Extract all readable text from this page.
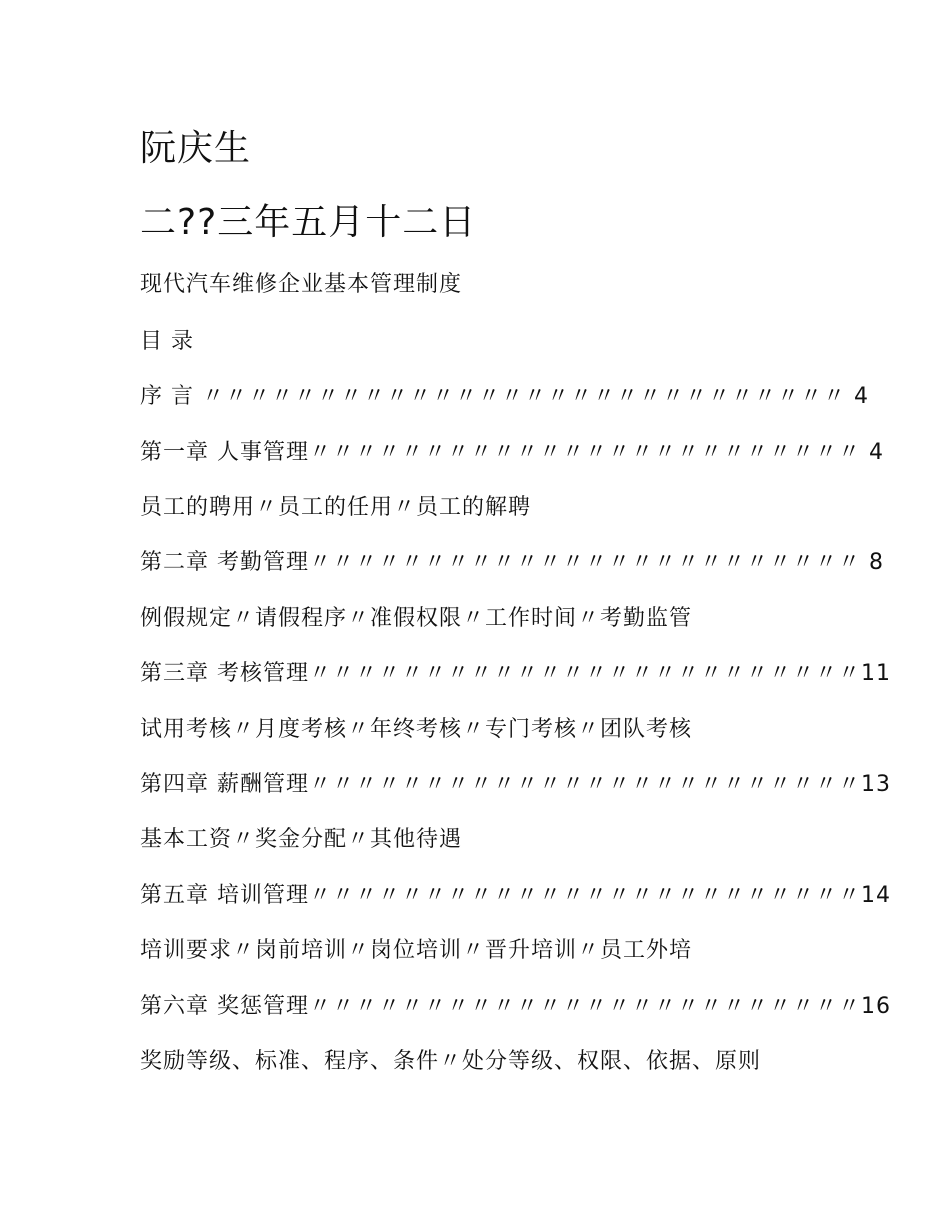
阮庆生
二??三年五月十二日
现代汽车维修企业基本管理制度
目 录
序 言 〃〃〃〃〃〃〃〃〃〃〃〃〃〃〃〃〃〃〃〃〃〃〃〃〃〃〃〃 4
第一章 人事管理〃〃〃〃〃〃〃〃〃〃〃〃〃〃〃〃〃〃〃〃〃〃〃〃 4
员工的聘用〃员工的任用〃员工的解聘
第二章 考勤管理〃〃〃〃〃〃〃〃〃〃〃〃〃〃〃〃〃〃〃〃〃〃〃〃 8
例假规定〃请假程序〃准假权限〃工作时间〃考勤监管
第三章 考核管理〃〃〃〃〃〃〃〃〃〃〃〃〃〃〃〃〃〃〃〃〃〃〃〃11
试用考核〃月度考核〃年终考核〃专门考核〃团队考核
第四章 薪酬管理〃〃〃〃〃〃〃〃〃〃〃〃〃〃〃〃〃〃〃〃〃〃〃〃13
基本工资〃奖金分配〃其他待遇
第五章 培训管理〃〃〃〃〃〃〃〃〃〃〃〃〃〃〃〃〃〃〃〃〃〃〃〃14
培训要求〃岗前培训〃岗位培训〃晋升培训〃员工外培
第六章 奖惩管理〃〃〃〃〃〃〃〃〃〃〃〃〃〃〃〃〃〃〃〃〃〃〃〃16
奖励等级、标准、程序、条件〃处分等级、权限、依据、原则
